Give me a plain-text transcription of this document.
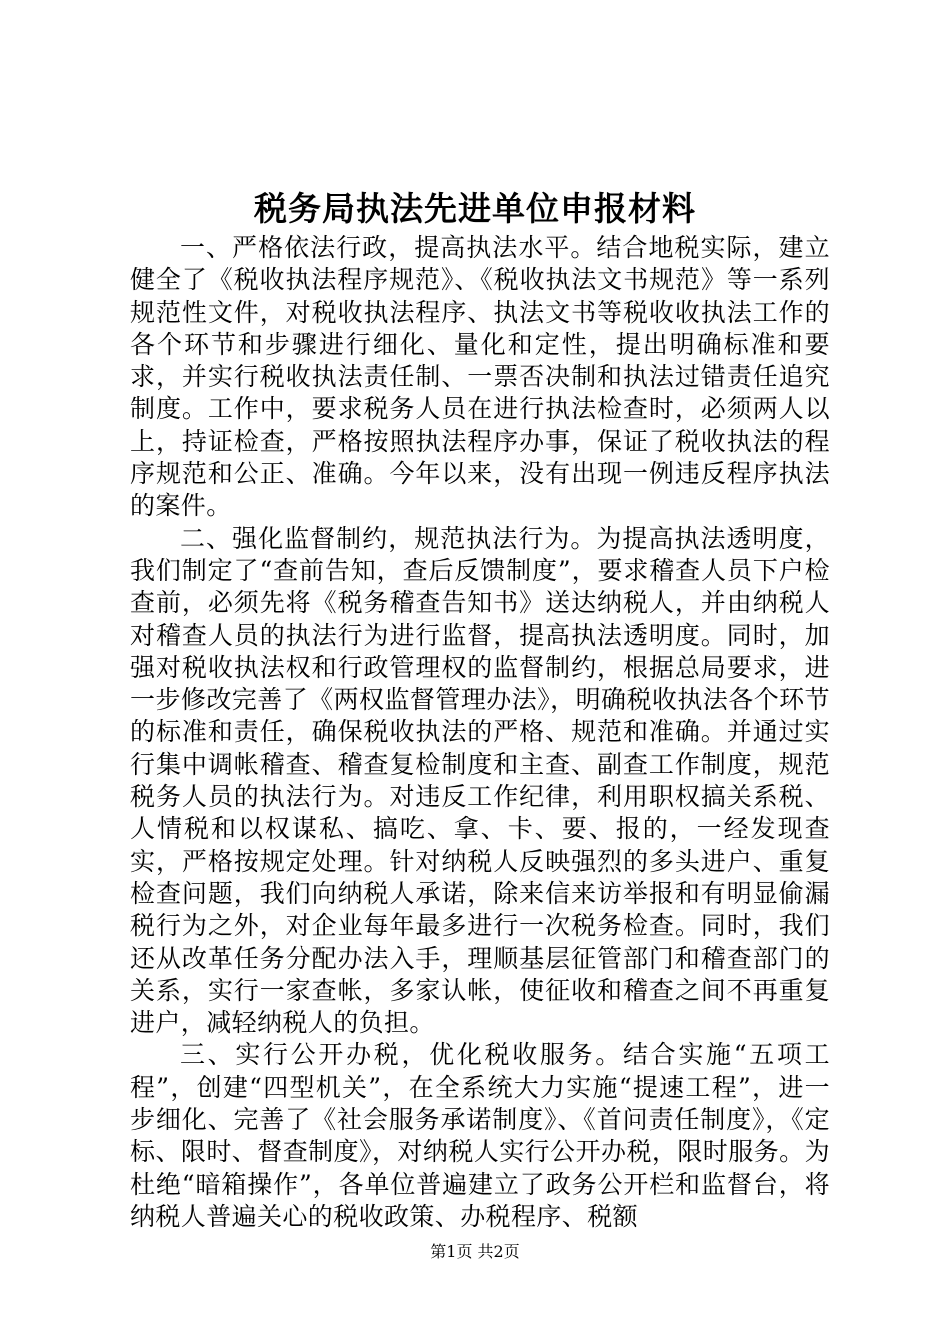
税务局执法先进单位申报材料

一、严格依法行政，提高执法水平。结合地税实际，建立健全了《税收执法程序规范》、《税收执法文书规范》等一系列规范性文件，对税收执法程序、执法文书等税收收执法工作的各个环节和步骤进行细化、量化和定性，提出明确标准和要求，并实行税收执法责任制、一票否决制和执法过错责任追究制度。工作中，要求税务人员在进行执法检查时，必须两人以上，持证检查，严格按照执法程序办事，保证了税收执法的程序规范和公正、准确。今年以来，没有出现一例违反程序执法的案件。

二、强化监督制约，规范执法行为。为提高执法透明度，我们制定了“查前告知，查后反馈制度”，要求稽查人员下户检查前，必须先将《税务稽查告知书》送达纳税人，并由纳税人对稽查人员的执法行为进行监督，提高执法透明度。同时，加强对税收执法权和行政管理权的监督制约，根据总局要求，进一步修改完善了《两权监督管理办法》，明确税收执法各个环节的标准和责任，确保税收执法的严格、规范和准确。并通过实行集中调帐稽查、稽查复检制度和主查、副查工作制度，规范税务人员的执法行为。对违反工作纪律，利用职权搞关系税、人情税和以权谋私、搞吃、拿、卡、要、报的，一经发现查实，严格按规定处理。针对纳税人反映强烈的多头进户、重复检查问题，我们向纳税人承诺，除来信来访举报和有明显偷漏税行为之外，对企业每年最多进行一次税务检查。同时，我们还从改革任务分配办法入手，理顺基层征管部门和稽查部门的关系，实行一家查帐，多家认帐，使征收和稽查之间不再重复进户，减轻纳税人的负担。

三、实行公开办税，优化税收服务。结合实施“五项工程”，创建“四型机关”，在全系统大力实施“提速工程”，进一步细化、完善了《社会服务承诺制度》、《首问责任制度》，《定标、限时、督查制度》，对纳税人实行公开办税，限时服务。为杜绝“暗箱操作”，各单位普遍建立了政务公开栏和监督台，将纳税人普遍关心的税收政策、办税程序、税额

第1页 共2页
